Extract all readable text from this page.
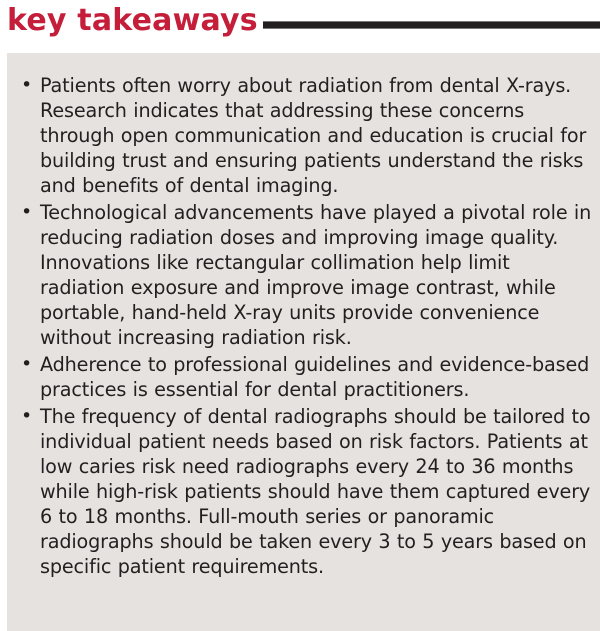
key takeaways
• Patients often worry about radiation from dental X-rays. Research indicates that addressing these concerns through open communication and education is crucial for building trust and ensuring patients understand the risks and benefits of dental imaging.
• Technological advancements have played a pivotal role in reducing radiation doses and improving image quality. Innovations like rectangular collimation help limit radiation exposure and improve image contrast, while portable, hand-held X-ray units provide convenience without increasing radiation risk.
• Adherence to professional guidelines and evidence-based practices is essential for dental practitioners.
• The frequency of dental radiographs should be tailored to individual patient needs based on risk factors. Patients at low caries risk need radiographs every 24 to 36 months while high-risk patients should have them captured every 6 to 18 months. Full-mouth series or panoramic radiographs should be taken every 3 to 5 years based on specific patient requirements.
